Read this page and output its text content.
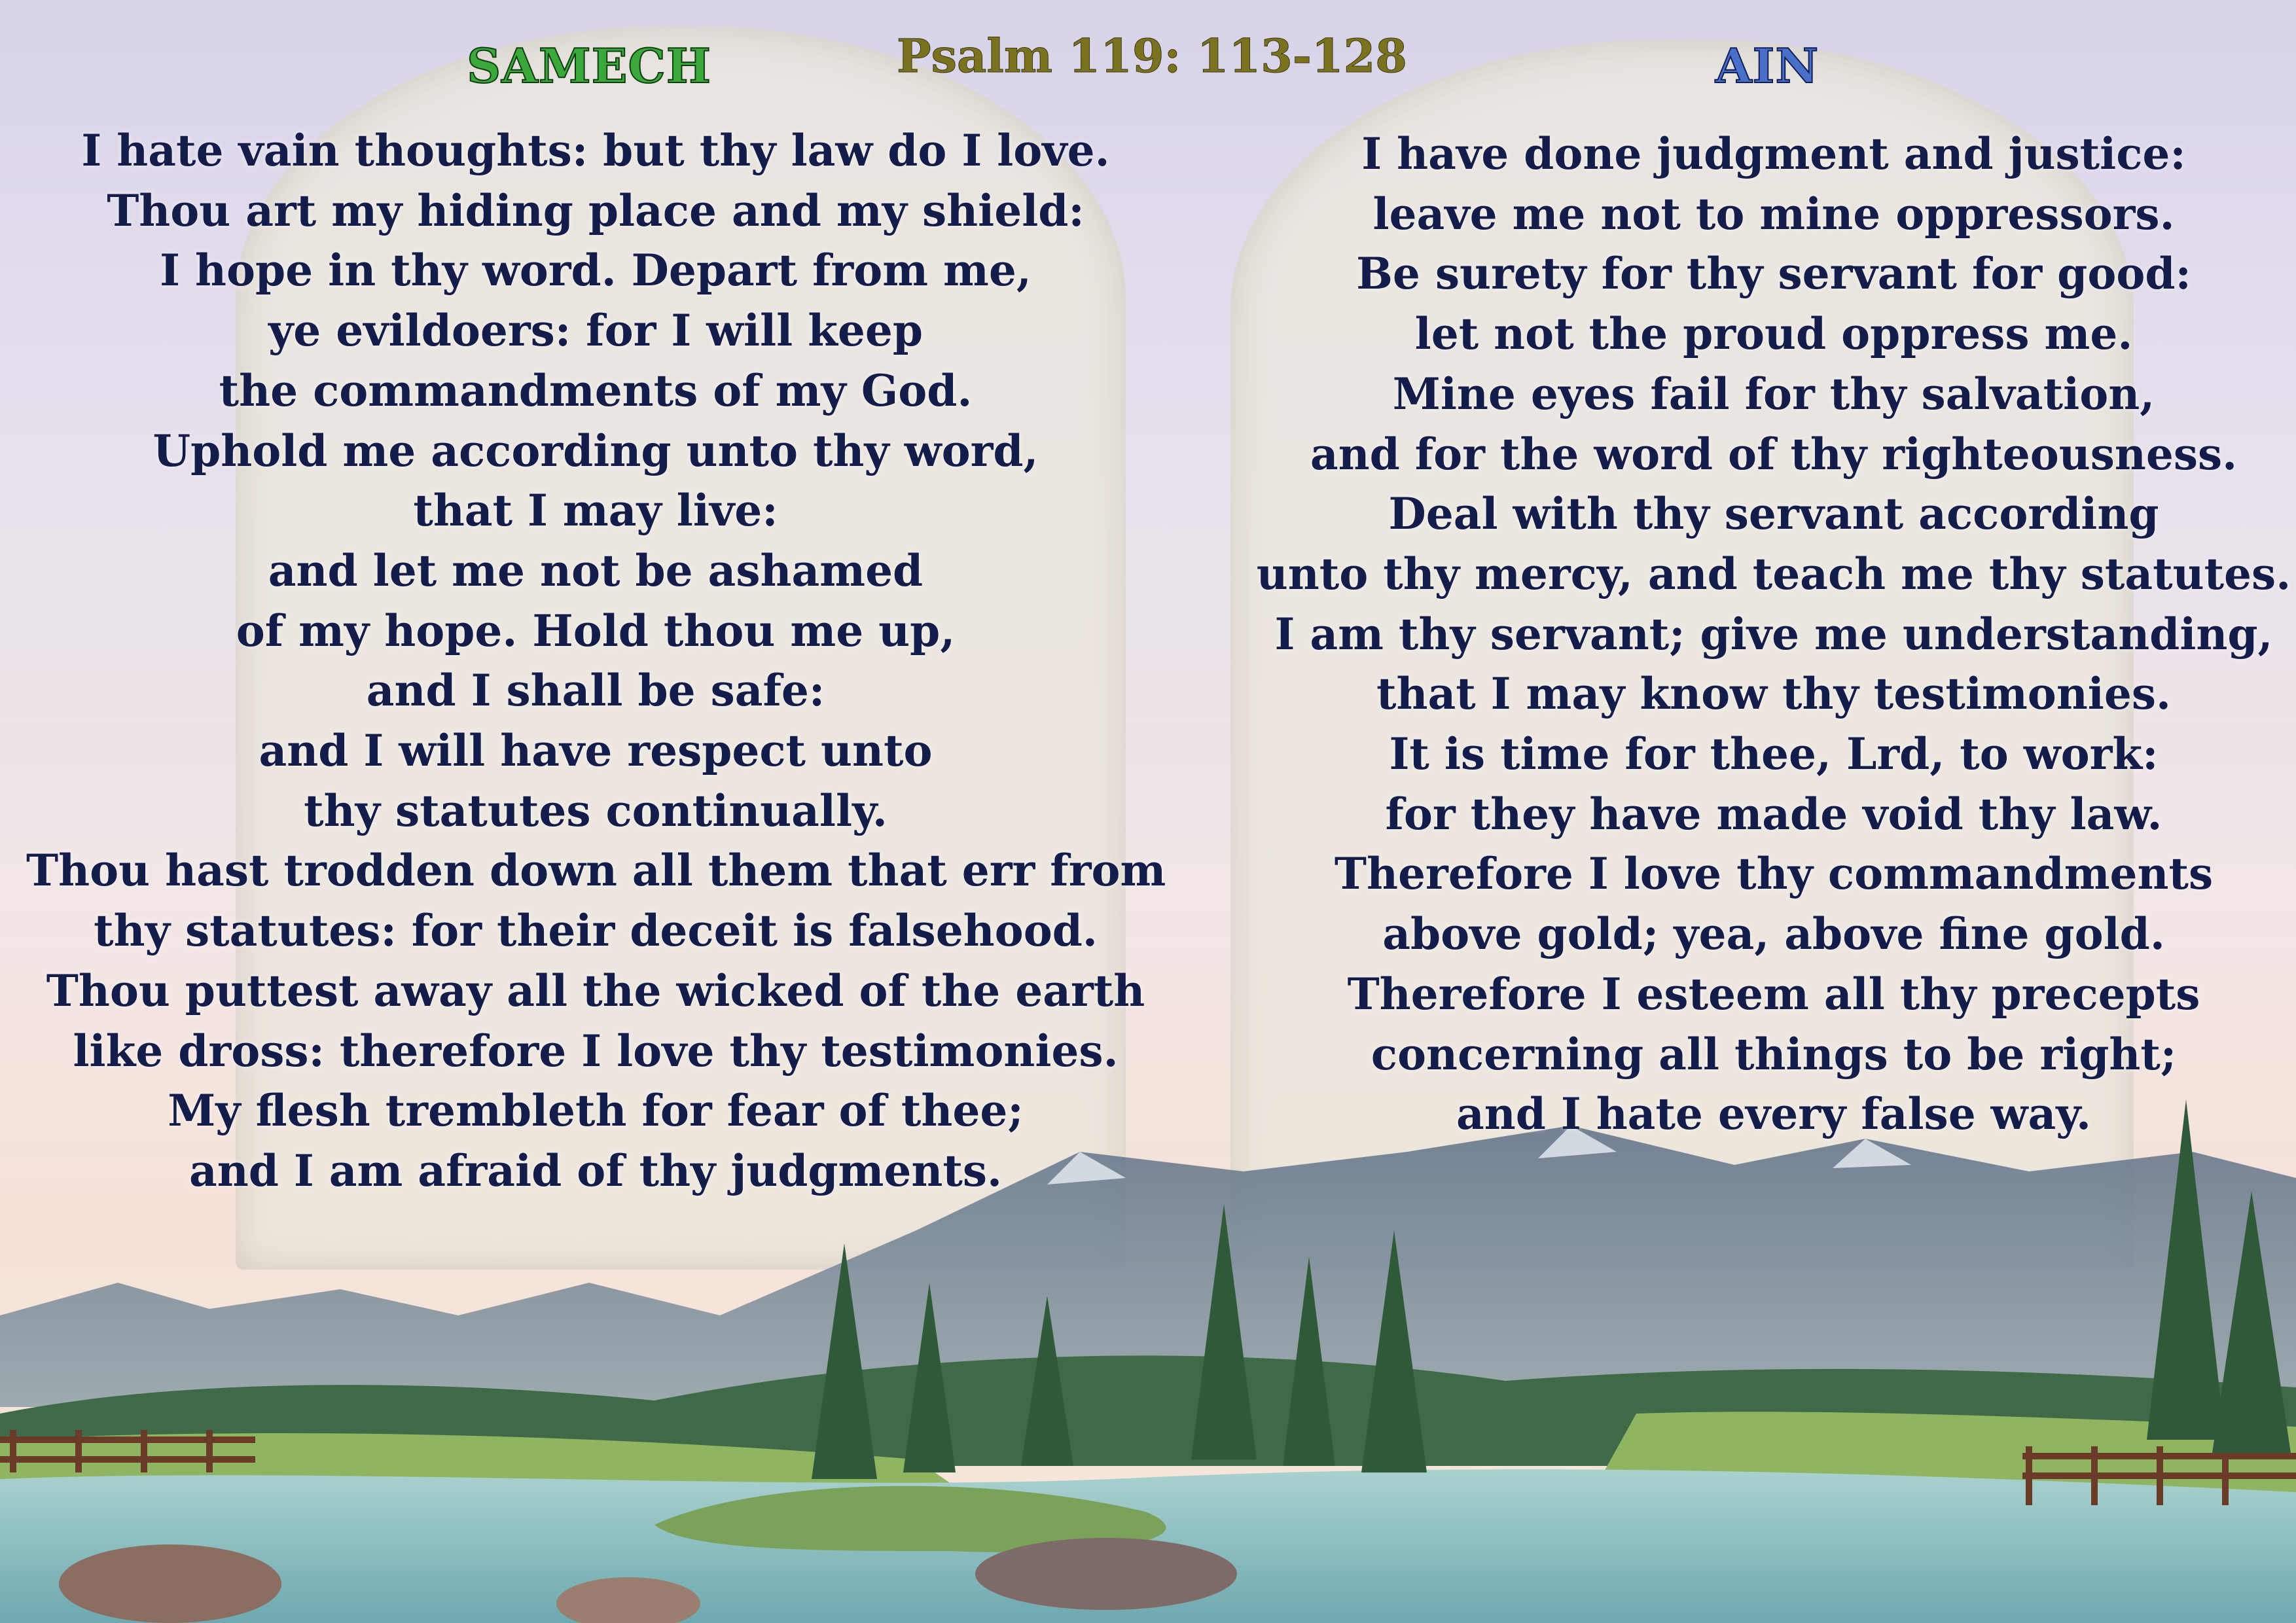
Psalm 119: 113-128
SAMECH	AIN
I hate vain thoughts: but thy law do I love.
Thou art my hiding place and my shield:
I hope in thy word. Depart from me,
ye evildoers: for I will keep
the commandments of my God.
Uphold me according unto thy word,
that I may live:
and let me not be ashamed
of my hope. Hold thou me up,
and I shall be safe:
and I will have respect unto
thy statutes continually.
Thou hast trodden down all them that err from
thy statutes: for their deceit is falsehood.
Thou puttest away all the wicked of the earth
like dross: therefore I love thy testimonies.
My flesh trembleth for fear of thee;
and I am afraid of thy judgments.
I have done judgment and justice:
leave me not to mine oppressors.
Be surety for thy servant for good:
let not the proud oppress me.
Mine eyes fail for thy salvation,
and for the word of thy righteousness.
Deal with thy servant according
unto thy mercy, and teach me thy statutes.
I am thy servant; give me understanding,
that I may know thy testimonies.
It is time for thee, Lrd, to work:
for they have made void thy law.
Therefore I love thy commandments
above gold; yea, above fine gold.
Therefore I esteem all thy precepts
concerning all things to be right;
and I hate every false way.
